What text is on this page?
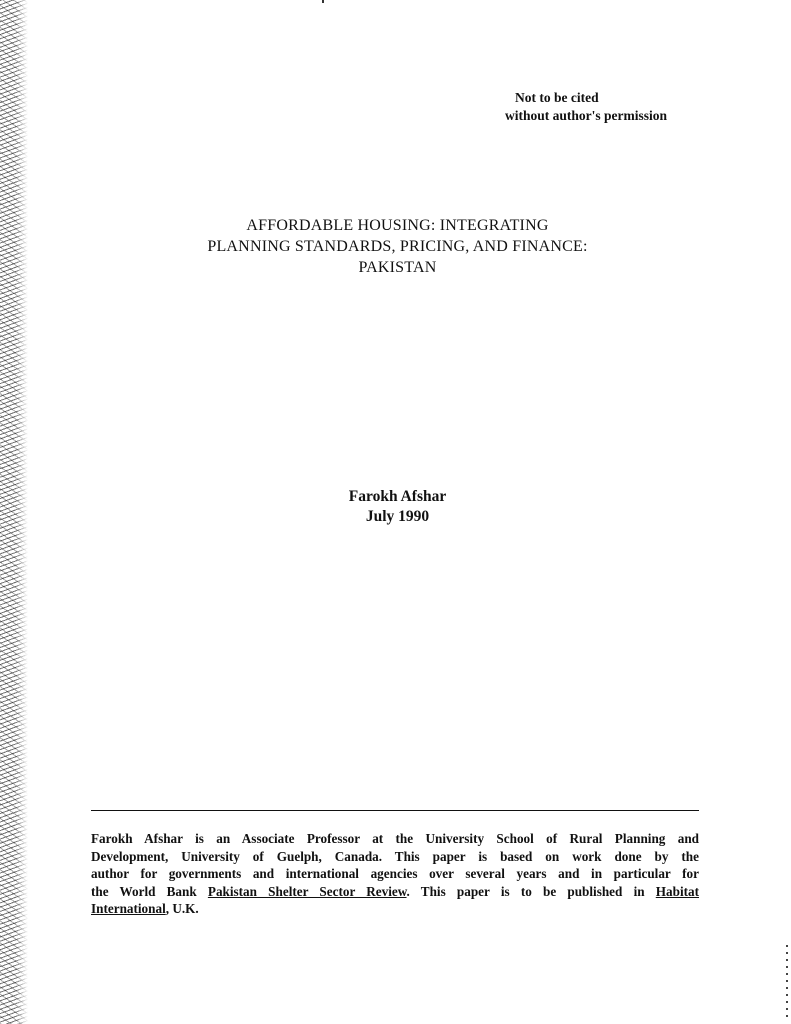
Not to be cited
without author's permission
AFFORDABLE HOUSING: INTEGRATING
PLANNING STANDARDS, PRICING, AND FINANCE:
PAKISTAN
Farokh Afshar
July 1990
Farokh Afshar is an Associate Professor at the University School of Rural Planning and
Development, University of Guelph, Canada. This paper is based on work done by the
author for governments and international agencies over several years and in particular for
the World Bank Pakistan Shelter Sector Review. This paper is to be published in Habitat
International, U.K.
